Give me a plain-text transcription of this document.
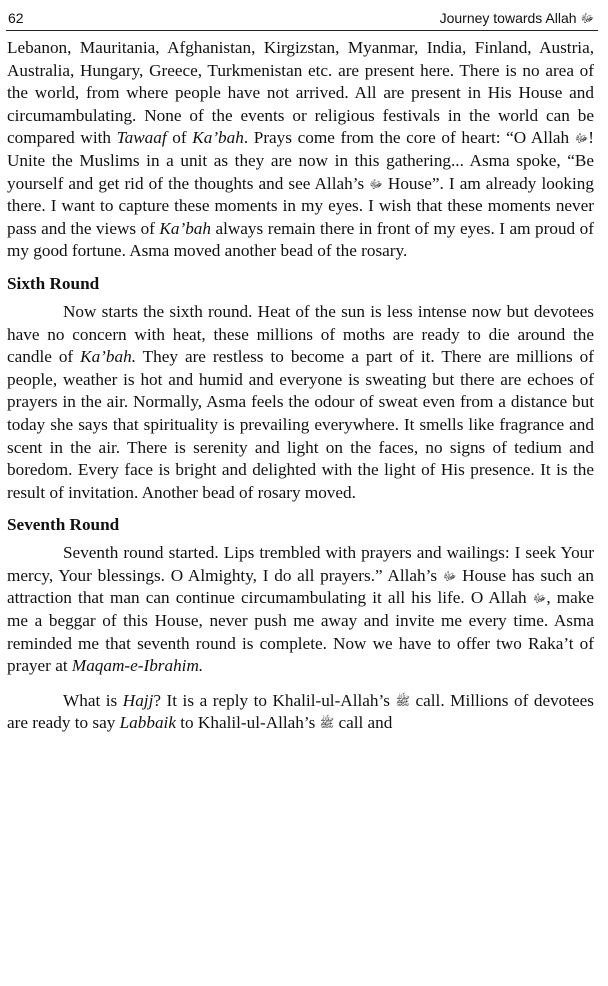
62	Journey towards Allah ﷻ

Lebanon, Mauritania, Afghanistan, Kirgizstan, Myanmar, India, Finland, Austria, Australia, Hungary, Greece, Turkmenistan etc. are present here. There is no area of the world, from where people have not arrived. All are present in His House and circumambulating. None of the events or religious festivals in the world can be compared with Tawaaf of Ka’bah. Prays come from the core of heart: “O Allah ﷻ! Unite the Muslims in a unit as they are now in this gathering... Asma spoke, “Be yourself and get rid of the thoughts and see Allah’s ﷻ House”. I am already looking there. I want to capture these moments in my eyes. I wish that these moments never pass and the views of Ka’bah always remain there in front of my eyes. I am proud of my good fortune. Asma moved another bead of the rosary.

Sixth Round

Now starts the sixth round. Heat of the sun is less intense now but devotees have no concern with heat, these millions of moths are ready to die around the candle of Ka’bah. They are restless to become a part of it. There are millions of people, weather is hot and humid and everyone is sweating but there are echoes of prayers in the air. Normally, Asma feels the odour of sweat even from a distance but today she says that spirituality is prevailing everywhere. It smells like fragrance and scent in the air. There is serenity and light on the faces, no signs of tedium and boredom. Every face is bright and delighted with the light of His presence. It is the result of invitation. Another bead of rosary moved.

Seventh Round

Seventh round started. Lips trembled with prayers and wailings: I seek Your mercy, Your blessings. O Almighty, I do all prayers.” Allah’s ﷻ House has such an attraction that man can continue circumambulating it all his life. O Allah ﷻ, make me a beggar of this House, never push me away and invite me every time. Asma reminded me that seventh round is complete. Now we have to offer two Raka’t of prayer at Maqam-e-Ibrahim.

What is Hajj? It is a reply to Khalil-ul-Allah’s ﷺ call. Millions of devotees are ready to say Labbaik to Khalil-ul-Allah’s ﷺ call and
